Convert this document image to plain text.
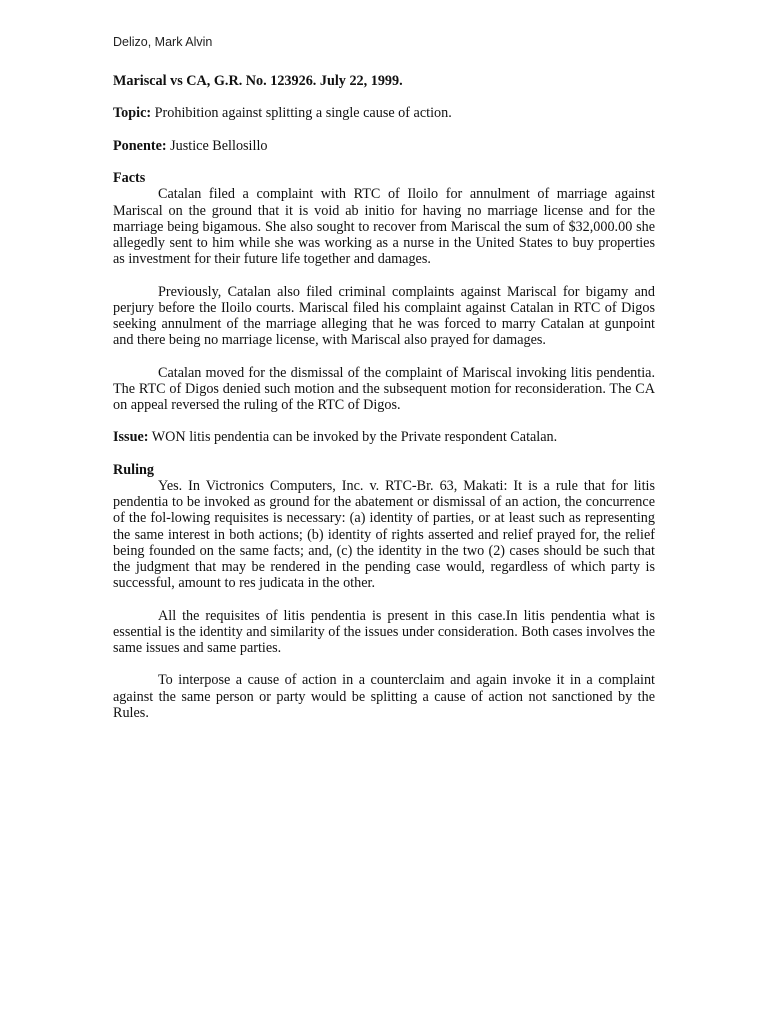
Delizo, Mark Alvin

Mariscal vs CA, G.R. No. 123926. July 22, 1999.

Topic: Prohibition against splitting a single cause of action.

Ponente: Justice Bellosillo

Facts

Catalan filed a complaint with RTC of Iloilo for annulment of marriage against Mariscal on the ground that it is void ab initio for having no marriage license and for the marriage being bigamous. She also sought to recover from Mariscal the sum of $32,000.00 she allegedly sent to him while she was working as a nurse in the United States to buy properties as investment for their future life together and damages.

Previously, Catalan also filed criminal complaints against Mariscal for bigamy and perjury before the Iloilo courts. Mariscal filed his complaint against Catalan in RTC of Digos seeking annulment of the marriage alleging that he was forced to marry Catalan at gunpoint and there being no marriage license, with Mariscal also prayed for damages.

Catalan moved for the dismissal of the complaint of Mariscal invoking litis pendentia. The RTC of Digos denied such motion and the subsequent motion for reconsideration. The CA on appeal reversed the ruling of the RTC of Digos.

Issue: WON litis pendentia can be invoked by the Private respondent Catalan.

Ruling

Yes. In Victronics Computers, Inc. v. RTC-Br. 63, Makati: It is a rule that for litis pendentia to be invoked as ground for the abatement or dismissal of an action, the concurrence of the fol-lowing requisites is necessary: (a) identity of parties, or at least such as representing the same interest in both actions; (b) identity of rights asserted and relief prayed for, the relief being founded on the same facts; and, (c) the identity in the two (2) cases should be such that the judgment that may be rendered in the pending case would, regardless of which party is successful, amount to res judicata in the other.

All the requisites of litis pendentia is present in this case.In litis pendentia what is essential is the identity and similarity of the issues under consideration. Both cases involves the same issues and same parties.

To interpose a cause of action in a counterclaim and again invoke it in a complaint against the same person or party would be splitting a cause of action not sanctioned by the Rules.
